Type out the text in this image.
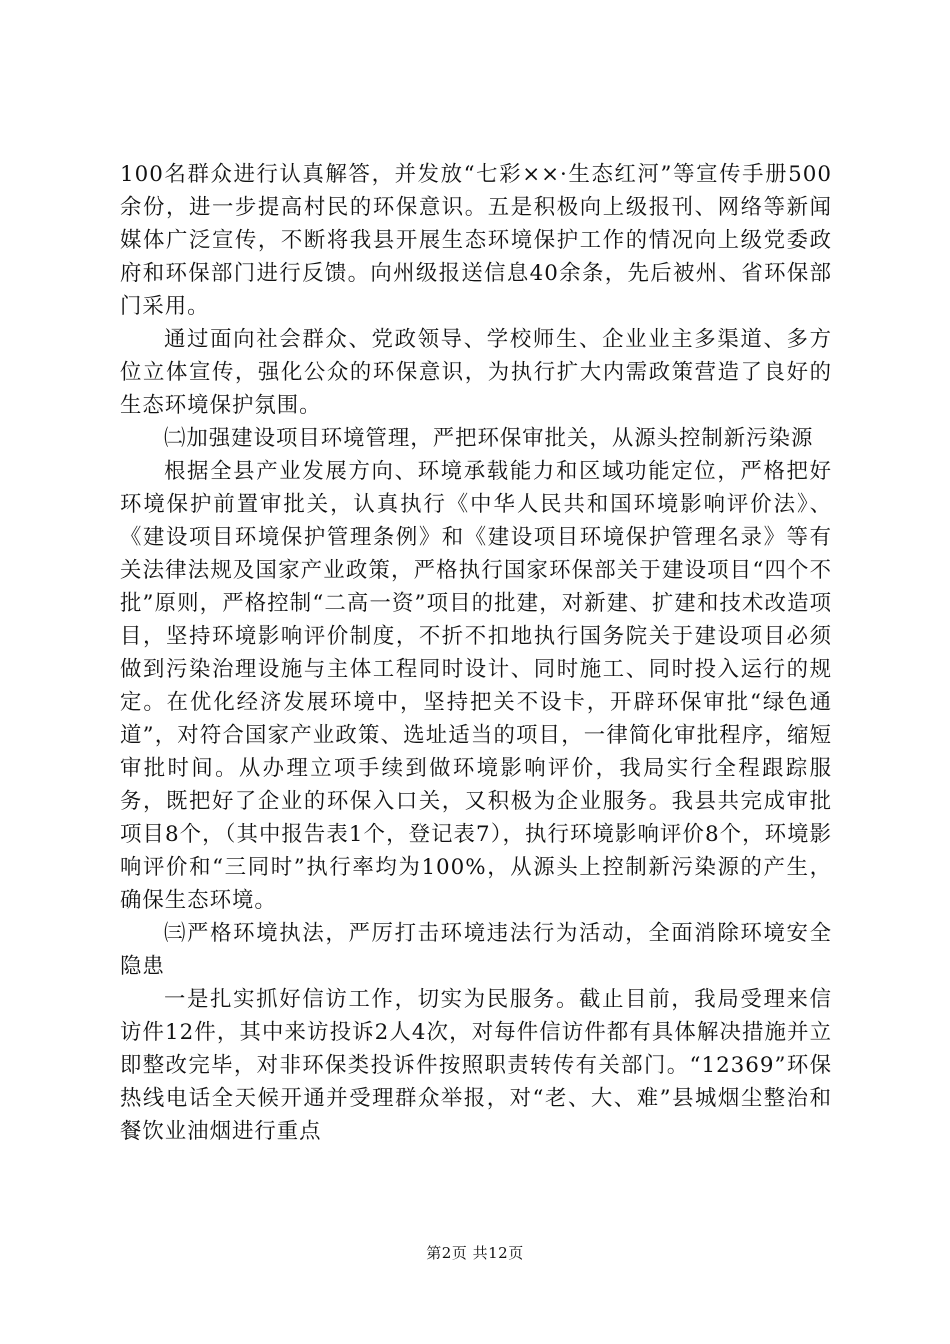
100名群众进行认真解答，并发放“七彩××·生态红河”等宣传手册500余份，进一步提高村民的环保意识。五是积极向上级报刊、网络等新闻媒体广泛宣传，不断将我县开展生态环境保护工作的情况向上级党委政府和环保部门进行反馈。向州级报送信息40余条，先后被州、省环保部门采用。

通过面向社会群众、党政领导、学校师生、企业业主多渠道、多方位立体宣传，强化公众的环保意识，为执行扩大内需政策营造了良好的生态环境保护氛围。

㈡加强建设项目环境管理，严把环保审批关，从源头控制新污染源

根据全县产业发展方向、环境承载能力和区域功能定位，严格把好环境保护前置审批关，认真执行《中华人民共和国环境影响评价法》、《建设项目环境保护管理条例》和《建设项目环境保护管理名录》等有关法律法规及国家产业政策，严格执行国家环保部关于建设项目“四个不批”原则，严格控制“二高一资”项目的批建，对新建、扩建和技术改造项目，坚持环境影响评价制度，不折不扣地执行国务院关于建设项目必须做到污染治理设施与主体工程同时设计、同时施工、同时投入运行的规定。在优化经济发展环境中，坚持把关不设卡，开辟环保审批“绿色通道”，对符合国家产业政策、选址适当的项目，一律简化审批程序，缩短审批时间。从办理立项手续到做环境影响评价，我局实行全程跟踪服务，既把好了企业的环保入口关，又积极为企业服务。我县共完成审批项目8个，（其中报告表1个，登记表7），执行环境影响评价8个，环境影响评价和“三同时”执行率均为100%，从源头上控制新污染源的产生，确保生态环境。

㈢严格环境执法，严厉打击环境违法行为活动，全面消除环境安全隐患

一是扎实抓好信访工作，切实为民服务。截止目前，我局受理来信访件12件，其中来访投诉2人4次，对每件信访件都有具体解决措施并立即整改完毕，对非环保类投诉件按照职责转传有关部门。“12369”环保热线电话全天候开通并受理群众举报，对“老、大、难”县城烟尘整治和餐饮业油烟进行重点

第2页 共12页
